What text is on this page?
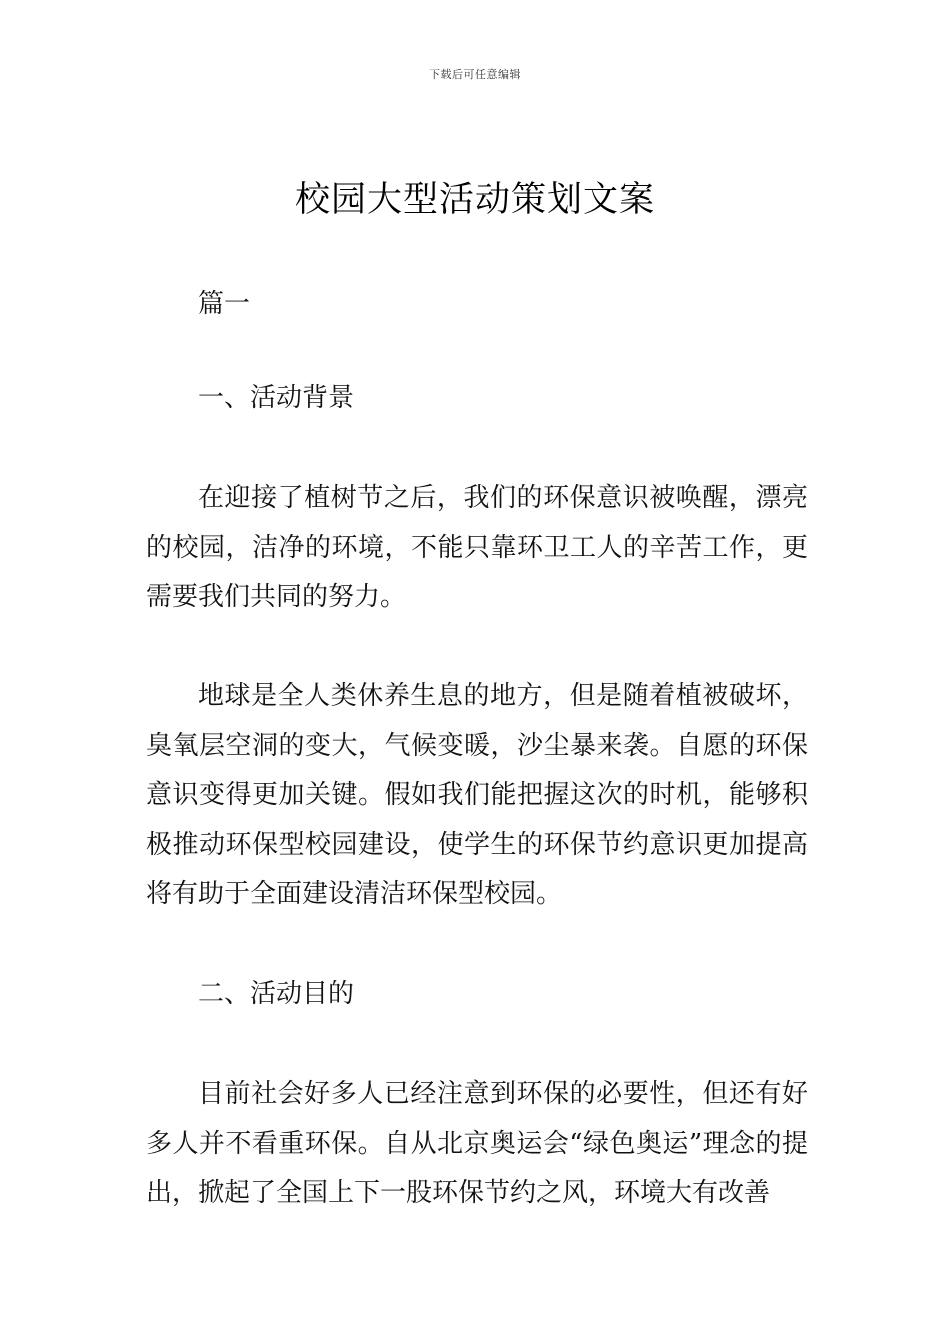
下载后可任意编辑
校园大型活动策划文案
篇一
一、活动背景

在迎接了植树节之后，我们的环保意识被唤醒，漂亮的校园，洁净的环境，不能只靠环卫工人的辛苦工作，更需要我们共同的努力。

地球是全人类休养生息的地方，但是随着植被破坏，臭氧层空洞的变大，气候变暖，沙尘暴来袭。自愿的环保意识变得更加关键。假如我们能把握这次的时机，能够积极推动环保型校园建设，使学生的环保节约意识更加提高将有助于全面建设清洁环保型校园。

二、活动目的

目前社会好多人已经注意到环保的必要性，但还有好多人并不看重环保。自从北京奥运会“绿色奥运”理念的提出，掀起了全国上下一股环保节约之风，环境大有改善
